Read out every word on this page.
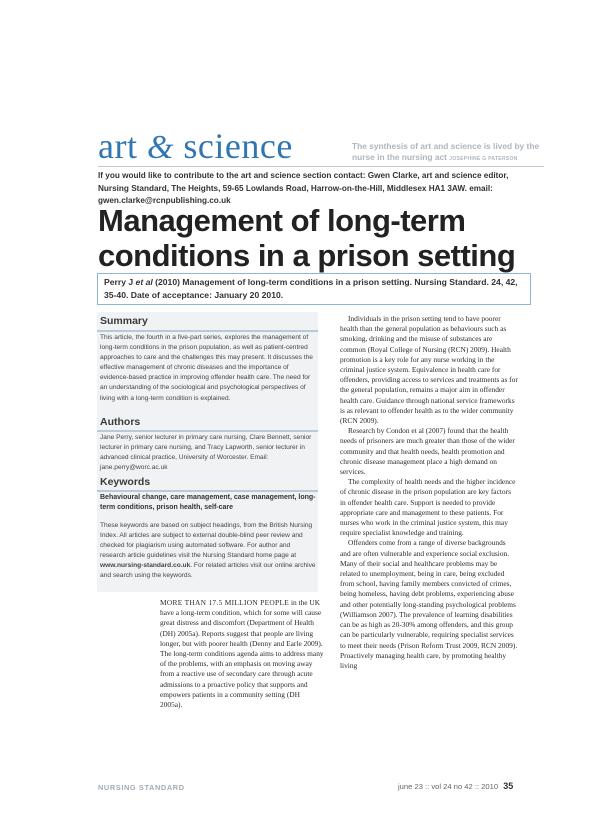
art & science	The synthesis of art and science is lived by the nurse in the nursing act JOSEPHINE G PATERSON
If you would like to contribute to the art and science section contact: Gwen Clarke, art and science editor, Nursing Standard, The Heights, 59-65 Lowlands Road, Harrow-on-the-Hill, Middlesex HA1 3AW. email: gwen.clarke@rcnpublishing.co.uk
Management of long-term
conditions in a prison setting
Perry J et al (2010) Management of long-term conditions in a prison setting. Nursing Standard. 24, 42, 35-40. Date of acceptance: January 20 2010.
Summary
This article, the fourth in a five-part series, explores the management of long-term conditions in the prison population, as well as patient-centred approaches to care and the challenges this may present. It discusses the effective management of chronic diseases and the importance of evidence-based practice in improving offender health care. The need for an understanding of the sociological and psychological perspectives of living with a long-term condition is explained.
Authors
Jane Perry, senior lecturer in primary care nursing, Clare Bennett, senior lecturer in primary care nursing, and Tracy Lapworth, senior lecturer in advanced clinical practice, University of Worcester. Email: jane.perry@worc.ac.uk
Keywords
Behavioural change, care management, case management, long-term conditions, prison health, self-care
These keywords are based on subject headings, from the British Nursing Index. All articles are subject to external double-blind peer review and checked for plagiarism using automated software. For author and research article guidelines visit the Nursing Standard home page at www.nursing-standard.co.uk. For related articles visit our online archive and search using the keywords.

MORE THAN 17.5 MILLION PEOPLE in the UK have a long-term condition, which for some will cause great distress and discomfort (Department of Health (DH) 2005a). Reports suggest that people are living longer, but with poorer health (Denny and Earle 2009). The long-term conditions agenda aims to address many of the problems, with an emphasis on moving away from a reactive use of secondary care through acute admissions to a proactive policy that supports and empowers patients in a community setting (DH 2005a).

Individuals in the prison setting tend to have poorer health than the general population as behaviours such as smoking, drinking and the misuse of substances are common (Royal College of Nursing (RCN) 2009). Health promotion is a key role for any nurse working in the criminal justice system. Equivalence in health care for offenders, providing access to services and treatments as for the general population, remains a major aim in offender health care. Guidance through national service frameworks is as relevant to offender health as to the wider community (RCN 2009).

Research by Condon et al (2007) found that the health needs of prisoners are much greater than those of the wider community and that health needs, health promotion and chronic disease management place a high demand on services.

The complexity of health needs and the higher incidence of chronic disease in the prison population are key factors in offender health care. Support is needed to provide appropriate care and management to these patients. For nurses who work in the criminal justice system, this may require specialist knowledge and training.

Offenders come from a range of diverse backgrounds and are often vulnerable and experience social exclusion. Many of their social and healthcare problems may be related to unemployment, being in care, being excluded from school, having family members convicted of crimes, being homeless, having debt problems, experiencing abuse and other potentially long-standing psychological problems (Williamson 2007). The prevalence of learning disabilities can be as high as 20-30% among offenders, and this group can be particularly vulnerable, requiring specialist services to meet their needs (Prison Reform Trust 2009, RCN 2009). Proactively managing health care, by promoting healthy living

NURSING STANDARD	june 23 :: vol 24 no 42 :: 2010 35
